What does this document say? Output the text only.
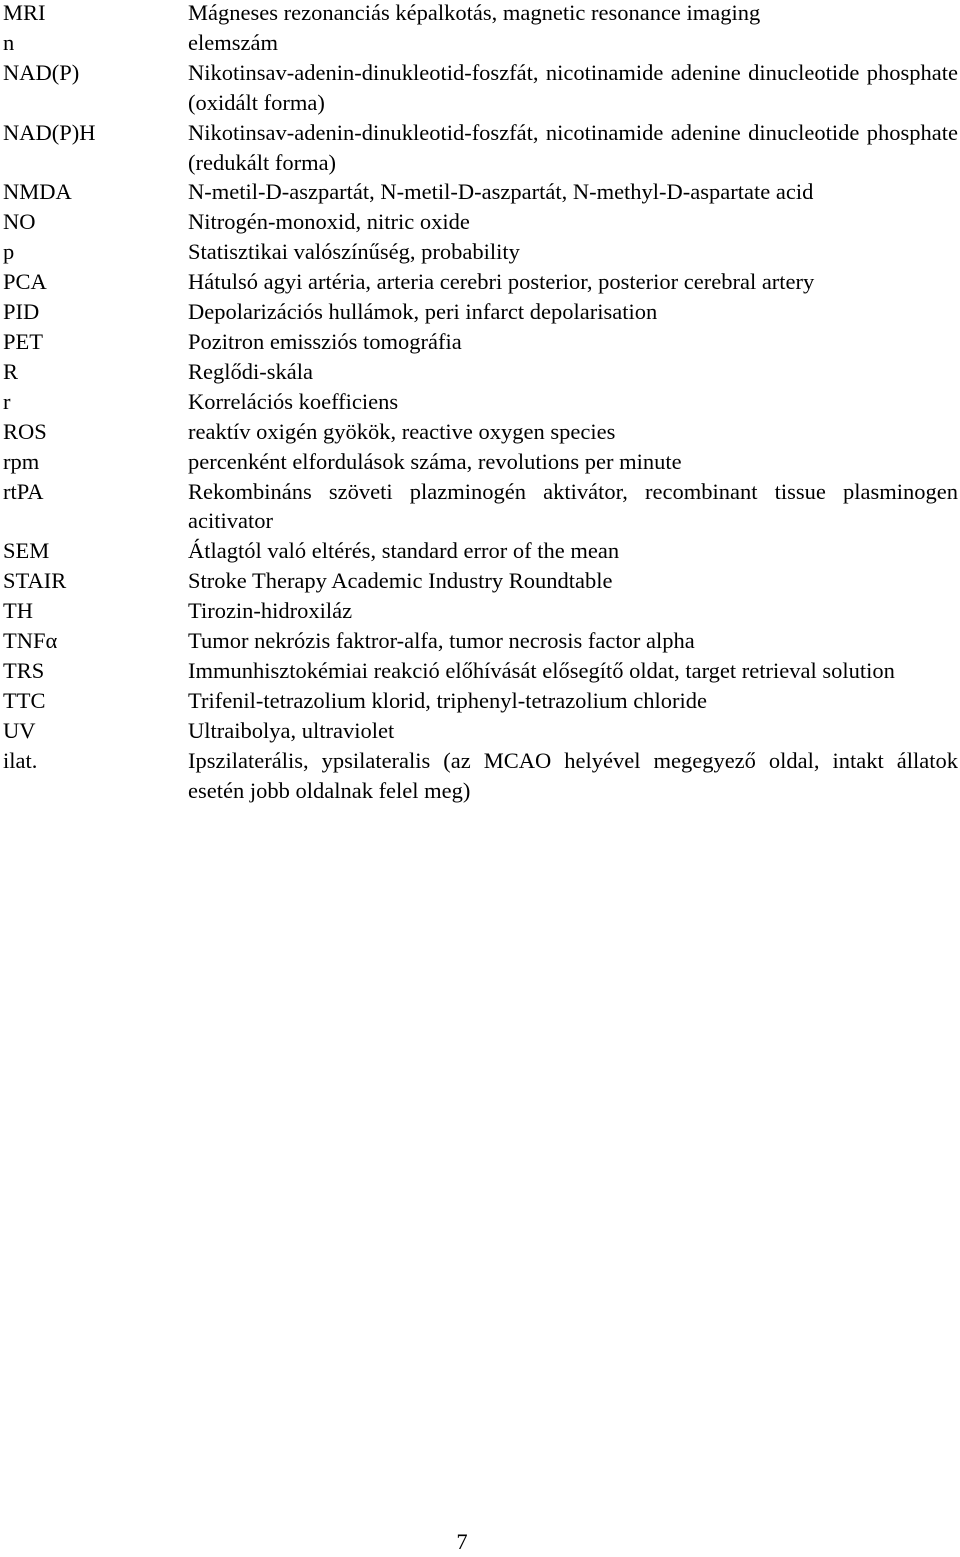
MRI	Mágneses rezonanciás képalkotás, magnetic resonance imaging
n	elemszám
NAD(P)	Nikotinsav-adenin-dinukleotid-foszfát, nicotinamide adenine dinucleotide phosphate (oxidált forma)
NAD(P)H	Nikotinsav-adenin-dinukleotid-foszfát, nicotinamide adenine dinucleotide phosphate (redukált forma)
NMDA	N-metil-D-aszpartát, N-metil-D-aszpartát, N-methyl-D-aspartate acid
NO	Nitrogén-monoxid, nitric oxide
p	Statisztikai valószínűség, probability
PCA	Hátulsó agyi artéria, arteria cerebri posterior, posterior cerebral artery
PID	Depolarizációs hullámok, peri infarct depolarisation
PET	Pozitron emissziós tomográfia
R	Reglődi-skála
r	Korrelációs koefficiens
ROS	reaktív oxigén gyökök, reactive oxygen species
rpm	percenként elfordulások száma, revolutions per minute
rtPA	Rekombináns szöveti plazminogén aktivátor, recombinant tissue plasminogen acitivator
SEM	Átlagtól való eltérés, standard error of the mean
STAIR	Stroke Therapy Academic Industry Roundtable
TH	Tirozin-hidroxiláz
TNFα	Tumor nekrózis faktror-alfa, tumor necrosis factor alpha
TRS	Immunhisztokémiai reakció előhívását elősegítő oldat, target retrieval solution
TTC	Trifenil-tetrazolium klorid, triphenyl-tetrazolium chloride
UV	Ultraibolya, ultraviolet
ilat.	Ipszilaterális, ypsilateralis (az MCAO helyével megegyező oldal, intakt állatok esetén jobb oldalnak felel meg)
7
